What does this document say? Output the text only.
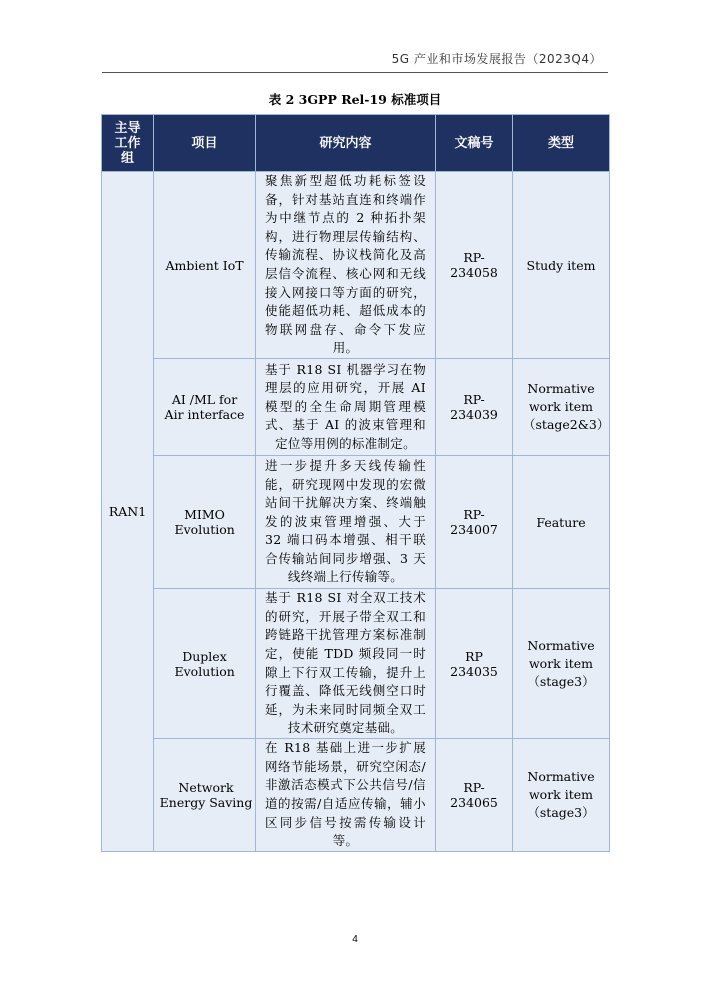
5G 产业和市场发展报告（2023Q4）
表 2 3GPP Rel-19 标准项目
主导工作组	项目	研究内容	文稿号	类型
RAN1	Ambient IoT	聚焦新型超低功耗标签设备，针对基站直连和终端作为中继节点的 2 种拓扑架构，进行物理层传输结构、传输流程、协议栈简化及高层信令流程、核心网和无线接入网接口等方面的研究，使能超低功耗、超低成本的物联网盘存、命令下发应用。	RP-234058	Study item

	AI /ML for Air interface	基于 R18 SI 机器学习在物理层的应用研究，开展 AI 模型的全生命周期管理模式、基于 AI 的波束管理和定位等用例的标准制定。	RP-234039	Normative work item（stage2&3）

	MIMO Evolution	进一步提升多天线传输性能，研究现网中发现的宏微站间干扰解决方案、终端触发的波束管理增强、大于 32 端口码本增强、相干联合传输站间同步增强、3 天线终端上行传输等。	RP-234007	Feature

	Duplex Evolution	基于 R18 SI 对全双工技术的研究，开展子带全双工和跨链路干扰管理方案标准制定，使能 TDD 频段同一时隙上下行双工传输，提升上行覆盖、降低无线侧空口时延，为未来同时同频全双工技术研究奠定基础。	RP 234035	Normative work item（stage3）

	Network Energy Saving	在 R18 基础上进一步扩展网络节能场景，研究空闲态/非激活态模式下公共信号/信道的按需/自适应传输，辅小区同步信号按需传输设计等。	RP-234065	Normative work item（stage3）
4
